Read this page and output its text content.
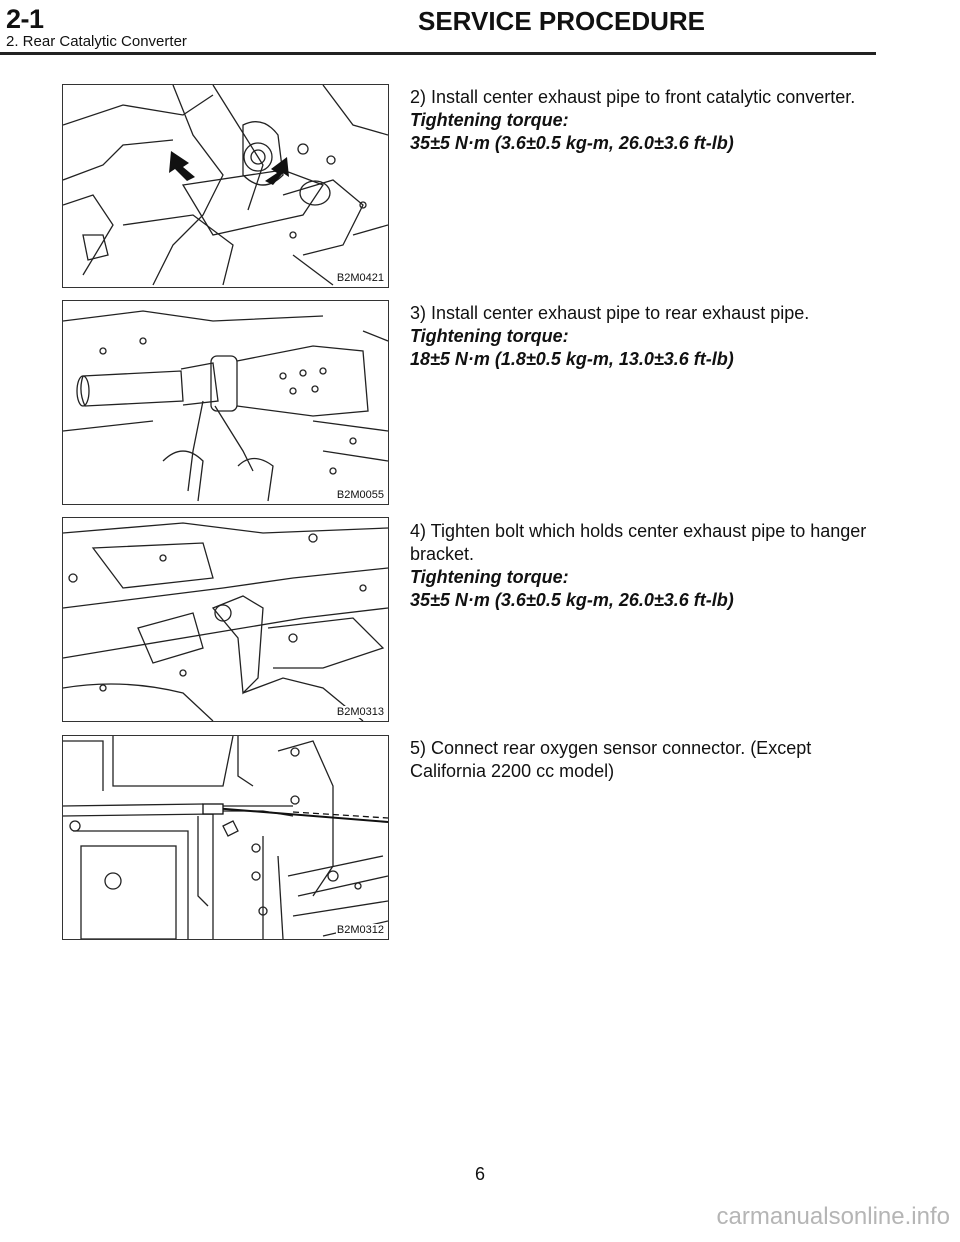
2-1	SERVICE PROCEDURE
2. Rear Catalytic Converter
B2M0421

2) Install center exhaust pipe to front catalytic converter.

Tightening torque:

35±5 N·m (3.6±0.5 kg-m, 26.0±3.6 ft-lb)

B2M0055

3) Install center exhaust pipe to rear exhaust pipe.

Tightening torque:

18±5 N·m (1.8±0.5 kg-m, 13.0±3.6 ft-lb)

B2M0313

4) Tighten bolt which holds center exhaust pipe to hanger bracket.

Tightening torque:

35±5 N·m (3.6±0.5 kg-m, 26.0±3.6 ft-lb)

B2M0312

5) Connect rear oxygen sensor connector. (Except California 2200 cc model)

6
carmanualsonline.info
